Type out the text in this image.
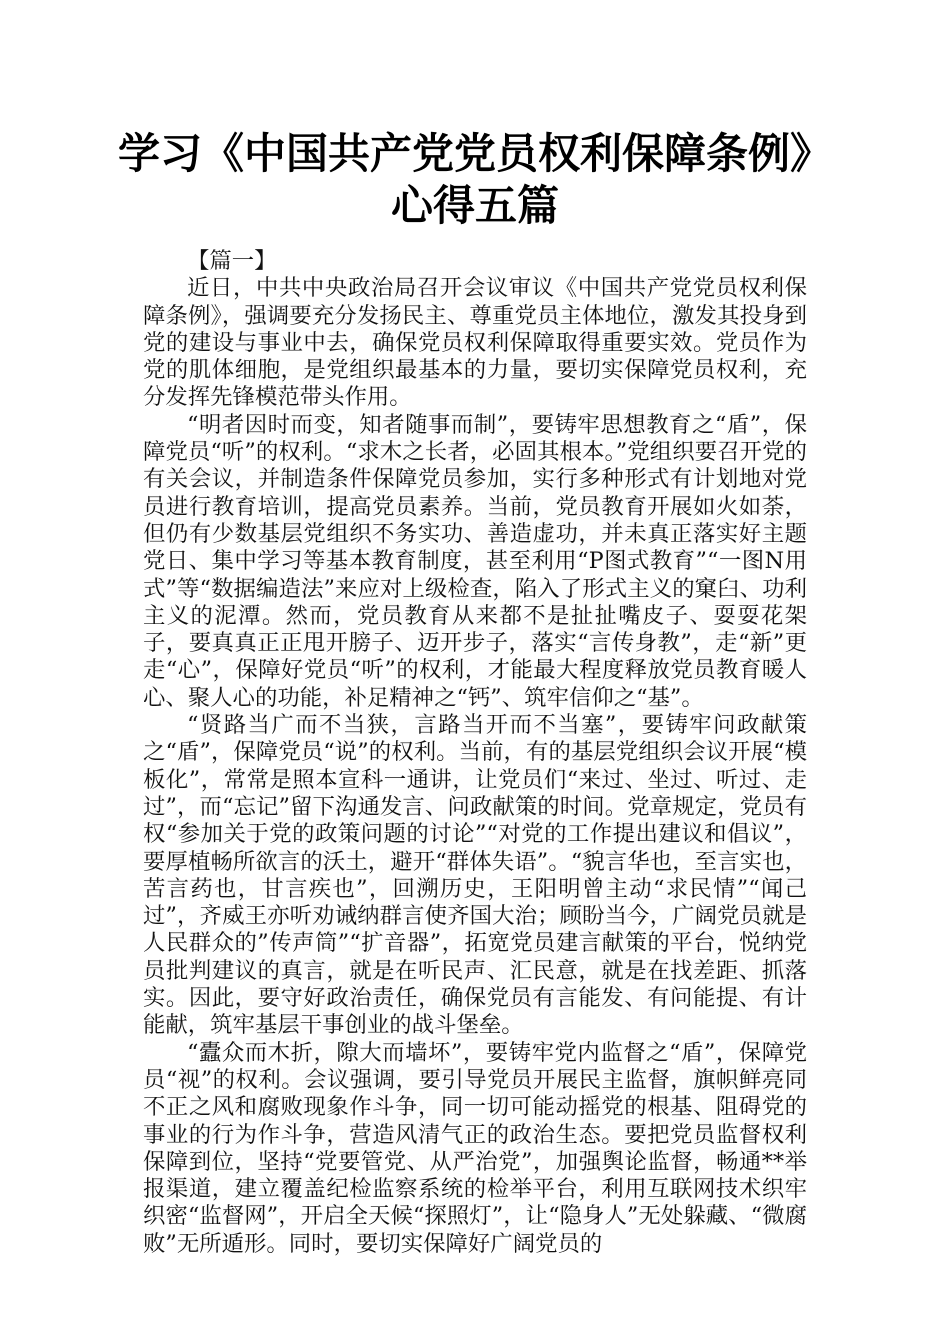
学习《中国共产党党员权利保障条例》
心得五篇

【篇一】

近日，中共中央政治局召开会议审议《中国共产党党员权利保障条例》，强调要充分发扬民主、尊重党员主体地位，激发其投身到党的建设与事业中去，确保党员权利保障取得重要实效。党员作为党的肌体细胞，是党组织最基本的力量，要切实保障党员权利，充分发挥先锋模范带头作用。

“明者因时而变，知者随事而制”，要铸牢思想教育之“盾”，保障党员“听”的权利。“求木之长者，必固其根本。”党组织要召开党的有关会议，并制造条件保障党员参加，实行多种形式有计划地对党员进行教育培训，提高党员素养。当前，党员教育开展如火如荼，但仍有少数基层党组织不务实功、善造虚功，并未真正落实好主题党日、集中学习等基本教育制度，甚至利用“P图式教育”“一图N用式”等“数据编造法”来应对上级检查，陷入了形式主义的窠臼、功利主义的泥潭。然而，党员教育从来都不是扯扯嘴皮子、耍耍花架子，要真真正正甩开膀子、迈开步子，落实“言传身教”，走“新”更走“心”，保障好党员“听”的权利，才能最大程度释放党员教育暖人心、聚人心的功能，补足精神之“钙”、筑牢信仰之“基”。

“贤路当广而不当狭，言路当开而不当塞”，要铸牢问政献策之“盾”，保障党员“说”的权利。当前，有的基层党组织会议开展“模板化”，常常是照本宣科一通讲，让党员们“来过、坐过、听过、走过”，而“忘记”留下沟通发言、问政献策的时间。党章规定，党员有权“参加关于党的政策问题的讨论”“对党的工作提出建议和倡议”，要厚植畅所欲言的沃土，避开“群体失语”。“貌言华也，至言实也，苦言药也，甘言疾也”，回溯历史，王阳明曾主动“求民情”“闻己过”，齐威王亦听劝诫纳群言使齐国大治；顾盼当今，广阔党员就是人民群众的”传声筒”“扩音器”，拓宽党员建言献策的平台，悦纳党员批判建议的真言，就是在听民声、汇民意，就是在找差距、抓落实。因此，要守好政治责任，确保党员有言能发、有问能提、有计能献，筑牢基层干事创业的战斗堡垒。

“蠹众而木折，隙大而墙坏”，要铸牢党内监督之“盾”，保障党员“视”的权利。会议强调，要引导党员开展民主监督，旗帜鲜亮同不正之风和腐败现象作斗争，同一切可能动摇党的根基、阻碍党的事业的行为作斗争，营造风清气正的政治生态。要把党员监督权利保障到位，坚持“党要管党、从严治党”，加强舆论监督，畅通**举报渠道，建立覆盖纪检监察系统的检举平台，利用互联网技术织牢织密“监督网”，开启全天候“探照灯”，让“隐身人”无处躲藏、“微腐败”无所遁形。同时，要切实保障好广阔党员的
